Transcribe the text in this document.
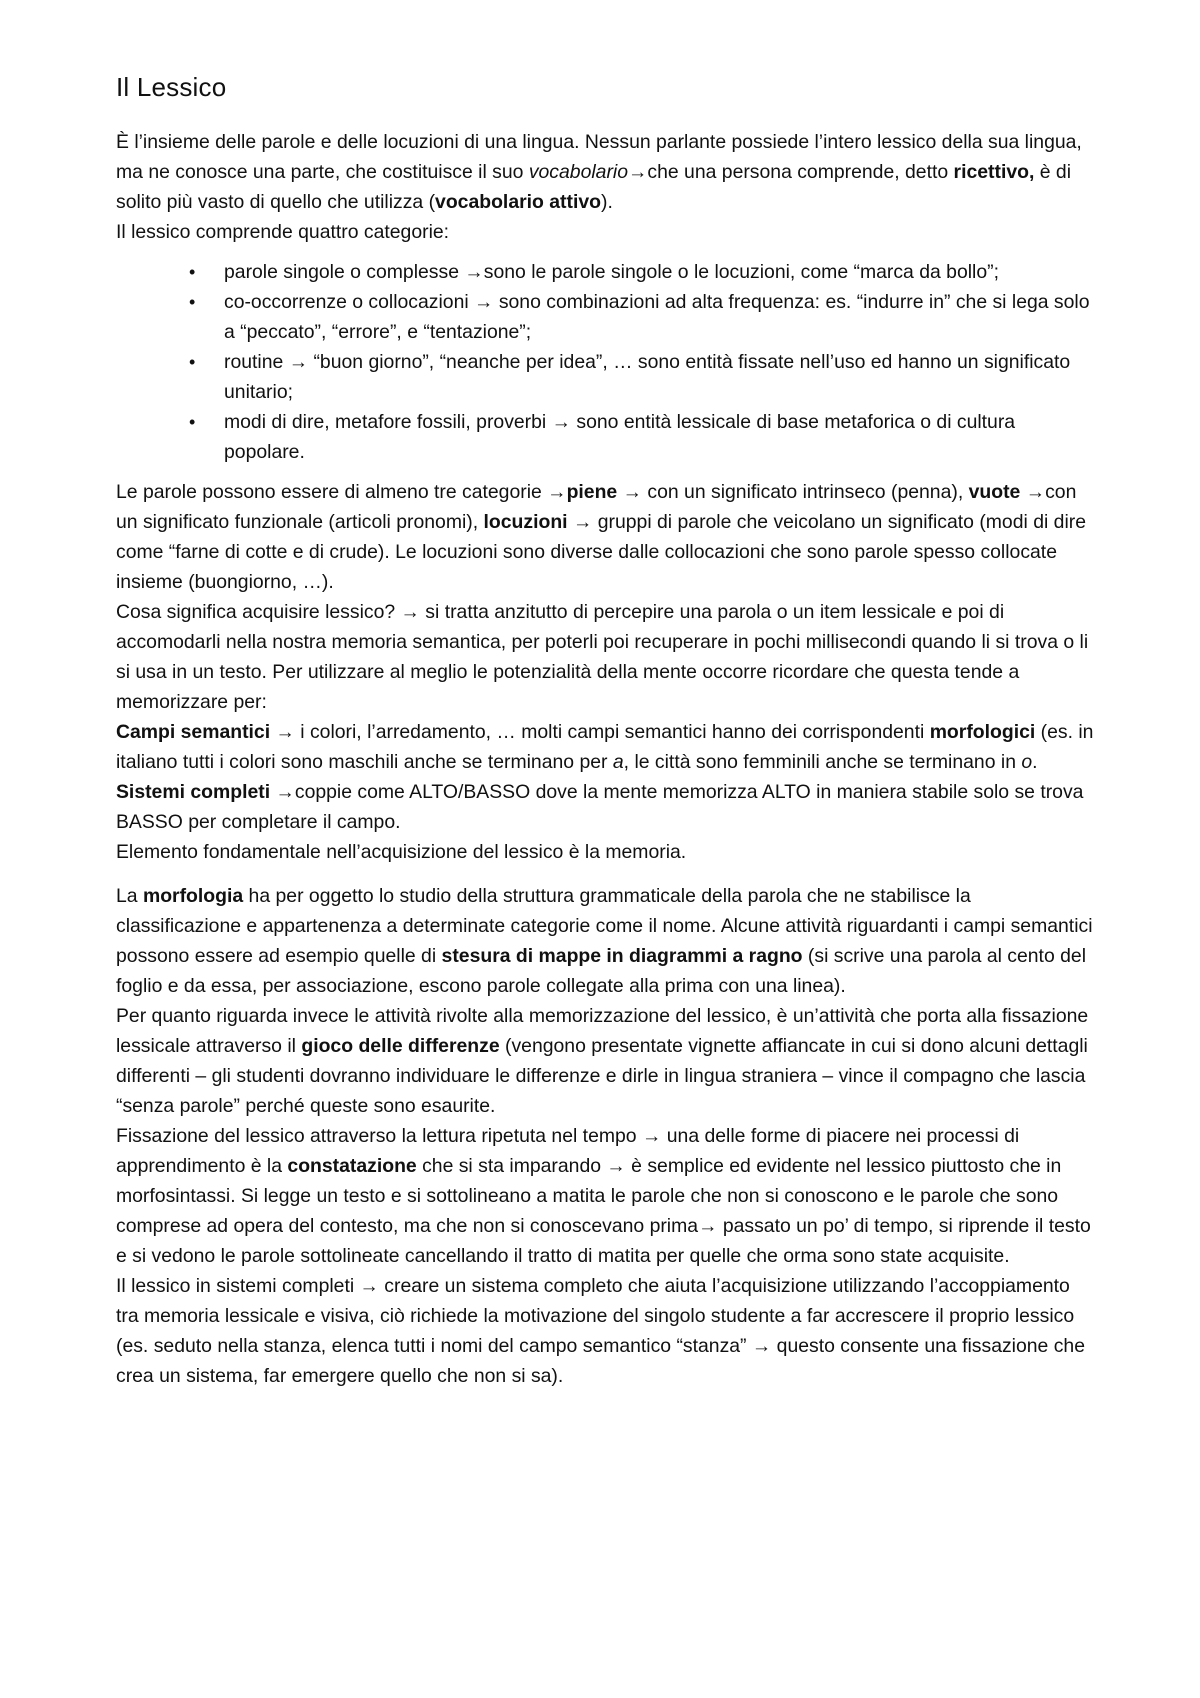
Il Lessico

È l’insieme delle parole e delle locuzioni di una lingua. Nessun parlante possiede l’intero lessico della sua lingua, ma ne conosce una parte, che costituisce il suo vocabolario→che una persona comprende, detto ricettivo, è di solito più vasto di quello che utilizza (vocabolario attivo).

Il lessico comprende quattro categorie:

• parole singole o complesse →sono le parole singole o le locuzioni, come “marca da bollo”;
• co-occorrenze o collocazioni → sono combinazioni ad alta frequenza: es. “indurre in” che si lega solo a “peccato”, “errore”, e “tentazione”;
• routine → “buon giorno”, “neanche per idea”, … sono entità fissate nell’uso ed hanno un significato unitario;
• modi di dire, metafore fossili, proverbi → sono entità lessicale di base metaforica o di cultura popolare.

Le parole possono essere di almeno tre categorie →piene → con un significato intrinseco (penna), vuote →con un significato funzionale (articoli pronomi), locuzioni → gruppi di parole che veicolano un significato (modi di dire come “farne di cotte e di crude). Le locuzioni sono diverse dalle collocazioni che sono parole spesso collocate insieme (buongiorno, …).

Cosa significa acquisire lessico? → si tratta anzitutto di percepire una parola o un item lessicale e poi di accomodarli nella nostra memoria semantica, per poterli poi recuperare in pochi millisecondi quando li si trova o li si usa in un testo. Per utilizzare al meglio le potenzialità della mente occorre ricordare che questa tende a memorizzare per:

Campi semantici → i colori, l’arredamento, … molti campi semantici hanno dei corrispondenti morfologici (es. in italiano tutti i colori sono maschili anche se terminano per a, le città sono femminili anche se terminano in o.

Sistemi completi →coppie come ALTO/BASSO dove la mente memorizza ALTO in maniera stabile solo se trova BASSO per completare il campo.

Elemento fondamentale nell’acquisizione del lessico è la memoria.

La morfologia ha per oggetto lo studio della struttura grammaticale della parola che ne stabilisce la classificazione e appartenenza a determinate categorie come il nome. Alcune attività riguardanti i campi semantici possono essere ad esempio quelle di stesura di mappe in diagrammi a ragno (si scrive una parola al cento del foglio e da essa, per associazione, escono parole collegate alla prima con una linea).

Per quanto riguarda invece le attività rivolte alla memorizzazione del lessico, è un’attività che porta alla fissazione lessicale attraverso il gioco delle differenze (vengono presentate vignette affiancate in cui si dono alcuni dettagli differenti – gli studenti dovranno individuare le differenze e dirle in lingua straniera – vince il compagno che lascia “senza parole” perché queste sono esaurite.

Fissazione del lessico attraverso la lettura ripetuta nel tempo → una delle forme di piacere nei processi di apprendimento è la constatazione che si sta imparando → è semplice ed evidente nel lessico piuttosto che in morfosintassi. Si legge un testo e si sottolineano a matita le parole che non si conoscono e le parole che sono comprese ad opera del contesto, ma che non si conoscevano prima→ passato un po’ di tempo, si riprende il testo e si vedono le parole sottolineate cancellando il tratto di matita per quelle che orma sono state acquisite.

Il lessico in sistemi completi → creare un sistema completo che aiuta l’acquisizione utilizzando l’accoppiamento tra memoria lessicale e visiva, ciò richiede la motivazione del singolo studente a far accrescere il proprio lessico (es. seduto nella stanza, elenca tutti i nomi del campo semantico “stanza” → questo consente una fissazione che crea un sistema, far emergere quello che non si sa).
